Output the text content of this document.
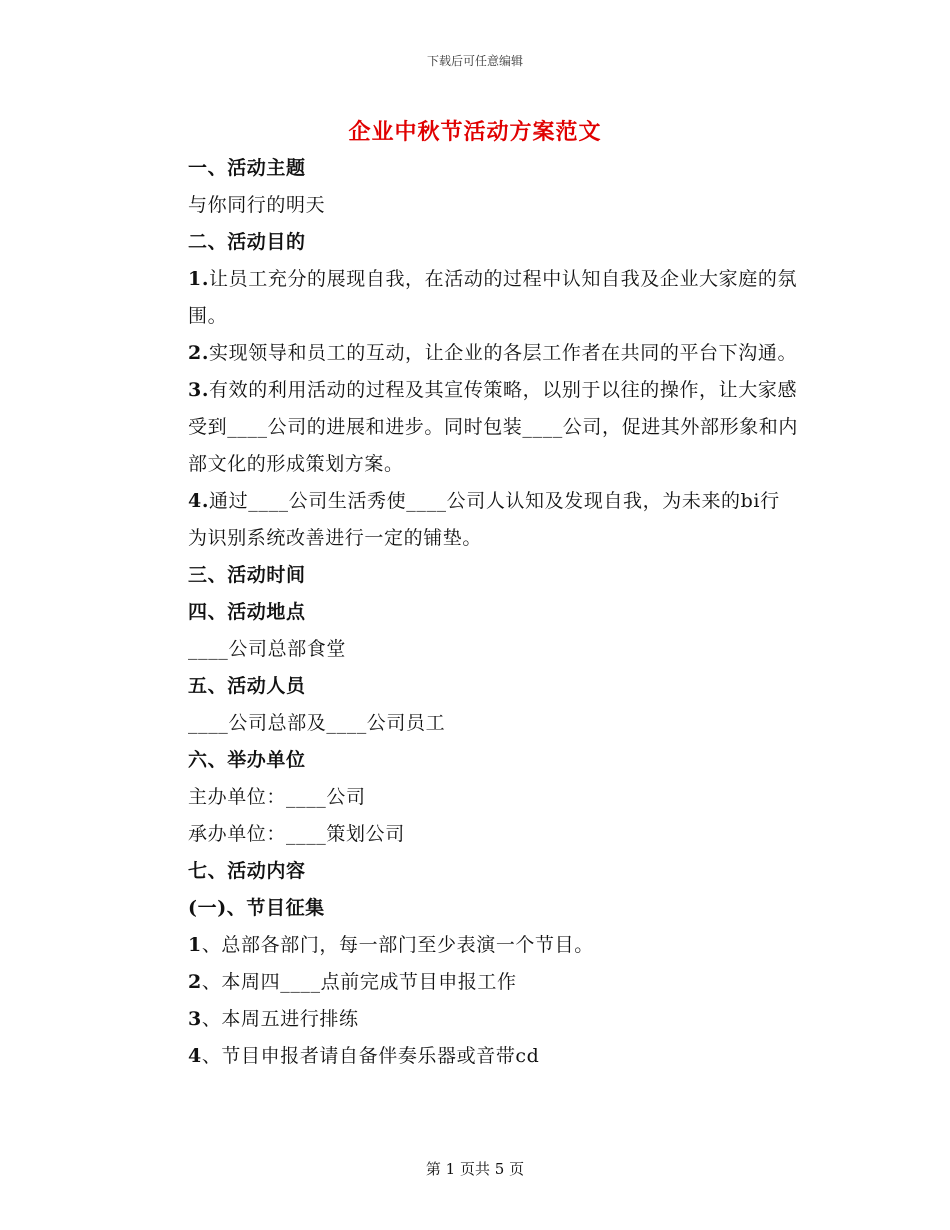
下载后可任意编辑
企业中秋节活动方案范文

一、活动主题

与你同行的明天

二、活动目的

1.让员工充分的展现自我，在活动的过程中认知自我及企业大家庭的氛围。

2.实现领导和员工的互动，让企业的各层工作者在共同的平台下沟通。

3.有效的利用活动的过程及其宣传策略，以别于以往的操作，让大家感受到____公司的进展和进步。同时包装____公司，促进其外部形象和内部文化的形成策划方案。

4.通过____公司生活秀使____公司人认知及发现自我，为未来的bi行为识别系统改善进行一定的铺垫。

三、活动时间

四、活动地点

____公司总部食堂

五、活动人员

____公司总部及____公司员工

六、举办单位

主办单位：____公司

承办单位：____策划公司

七、活动内容

(一)、节目征集

1、总部各部门，每一部门至少表演一个节目。

2、本周四____点前完成节目申报工作

3、本周五进行排练

4、节目申报者请自备伴奏乐器或音带cd

第 1 页共 5 页
